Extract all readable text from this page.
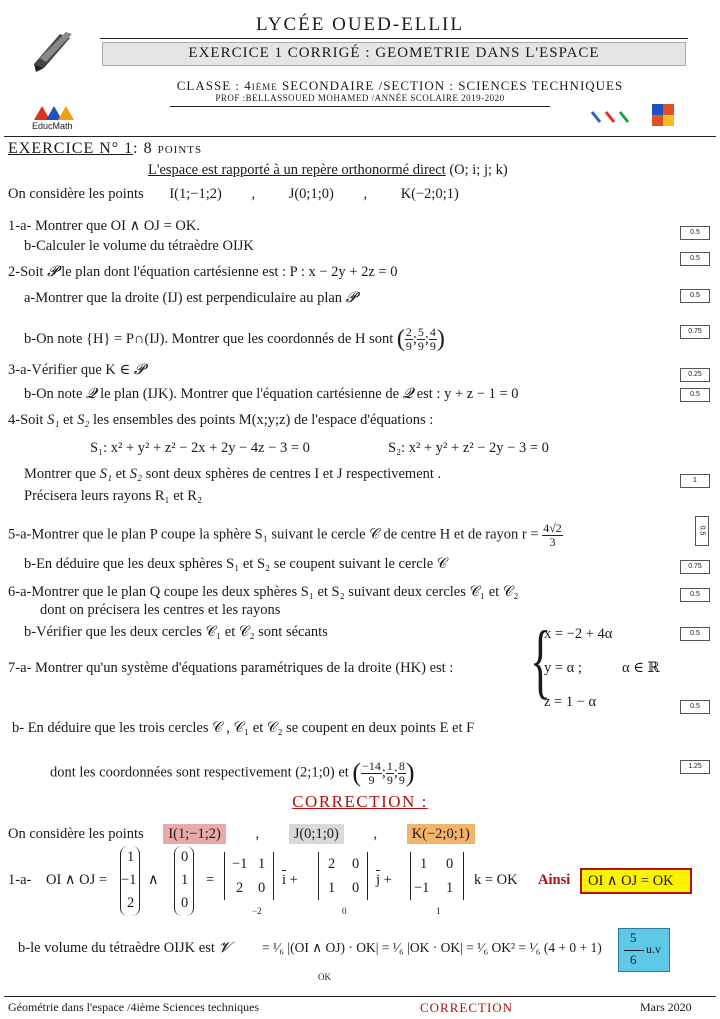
LYCÉE OUED-ELLIL
EXERCICE 1 CORRIGÉ : GEOMETRIE DANS L'ESPACE
CLASSE : 4ième SECONDAIRE /SECTION : SCIENCES TECHNIQUES
PROF :BELLASSOUED MOHAMED /ANNÉE SCOLAIRE 2019-2020
EducMath
EXERCICE N° 1: 8 points
L'espace est rapporté à un repère orthonormé direct (O; i; j; k)
On considère les points I(1;−1;2) , J(0;1;0) , K(−2;0;1)
1-a- Montrer que OI ∧ OJ = OK.
b-Calculer le volume du tétraèdre OIJK
2-Soit 𝓟 le plan dont l'équation cartésienne est : P : x − 2y + 2z = 0
a-Montrer que la droite (IJ) est perpendiculaire au plan 𝓟
b-On note {H} = P∩(IJ). Montrer que les coordonnés de H sont ( $\frac{2}{9}$ ; $\frac{5}{9}$ ; $\frac{4}{9}$ )
3-a-Vérifier que K ∈ 𝓟
b-On note 𝓠 le plan (IJK). Montrer que l'équation cartésienne de 𝓠 est : y + z − 1 = 0
4-Soit S₁ et S₂ les ensembles des points M(x;y;z) de l'espace d'équations :
S₁: x² + y² + z² − 2x + 2y − 4z − 3 = 0	S₂: x² + y² + z² − 2y − 3 = 0
Montrer que S₁ et S₂ sont deux sphères de centres I et J respectivement .
Précisera leurs rayons R₁ et R₂
5-a-Montrer que le plan P coupe la sphère S₁ suivant le cercle 𝒞 de centre H et de rayon $r = \frac{4√2}{3}$
b-En déduire que les deux sphères S₁ et S₂ se coupent suivant le cercle 𝒞
6-a-Montrer que le plan Q coupe les deux sphères S₁ et S₂ suivant deux cercles 𝒞₁ et 𝒞₂
dont on précisera les centres et les rayons
b-Vérifier que les deux cercles 𝒞₁ et 𝒞₂ sont sécants
7-a- Montrer qu'un système d'équations paramétriques de la droite (HK) est : {
x = −2 + 4α
y = α ;	α ∈ ℝ
z = 1 − α
b- En déduire que les trois cercles 𝒞 , 𝒞₁ et 𝒞₂ se coupent en deux points E et F
dont les coordonnées sont respectivement (2;1;0) et ( $\frac{-14}{9}$ ; $\frac{1}{9}$ ; $\frac{8}{9}$ )
0.5
0.5
0.5
0.75
0.25
0.5
1
0.5
0.75
0.5
0.5
0.5
1.25
CORRECTION :
On considère les points I(1;−1;2) , J(0;1;0) , K(−2;0;1)
1-a- OI ∧ OJ =
1
−1
2
∧
0
1
0
=
−1 1
2 0 i +
−2
2 0
1 0 j +
0
1 0
−1 1 k = OK
1
Ainsi OI ∧ OJ = OK
b-le volume du tétraèdre OIJK est 𝓥 = ¹⁄₆ |(OI ∧ OJ) · OK| = ¹⁄₆ |OK · OK| = ¹⁄₆ OK² = ¹⁄₆ (4 + 0 + 1)
OK
5
6
u.v
Géométrie dans l'espace /4ième Sciences techniques	CORRECTION	Mars 2020
